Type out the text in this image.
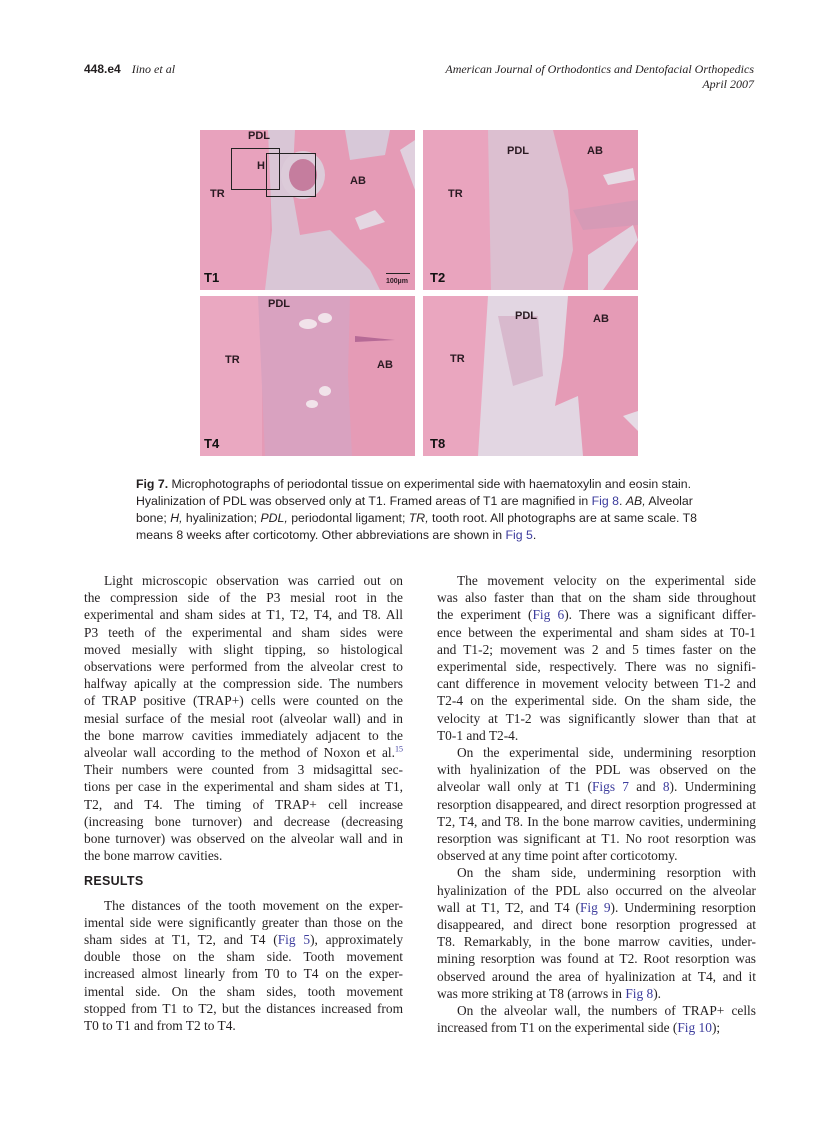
448.e4 Iino et al	American Journal of Orthodontics and Dentofacial Orthopedics
April 2007
PDL
H
TR
AB
T1	100µm
PDL	AB
TR
T2
PDL
TR	AB
T4
PDL	AB
TR
T8
Fig 7. Microphotographs of periodontal tissue on experimental side with haematoxylin and eosin stain. Hyalinization of PDL was observed only at T1. Framed areas of T1 are magnified in Fig 8. AB, Alveolar bone; H, hyalinization; PDL, periodontal ligament; TR, tooth root. All photographs are at same scale. T8 means 8 weeks after corticotomy. Other abbreviations are shown in Fig 5.
Light microscopic observation was carried out on
the compression side of the P3 mesial root in the
experimental and sham sides at T1, T2, T4, and T8. All
P3 teeth of the experimental and sham sides were
moved mesially with slight tipping, so histological
observations were performed from the alveolar crest to
halfway apically at the compression side. The numbers
of TRAP positive (TRAP+) cells were counted on the
mesial surface of the mesial root (alveolar wall) and in
the bone marrow cavities immediately adjacent to the
alveolar wall according to the method of Noxon et al.$^{15}$
Their numbers were counted from 3 midsagittal sec-
tions per case in the experimental and sham sides at T1,
T2, and T4. The timing of TRAP+ cell increase
(increasing bone turnover) and decrease (decreasing
bone turnover) was observed on the alveolar wall and in
the bone marrow cavities.
RESULTS
The distances of the tooth movement on the exper-
imental side were significantly greater than those on the
sham sides at T1, T2, and T4 (Fig 5), approximately
double those on the sham side. Tooth movement
increased almost linearly from T0 to T4 on the exper-
imental side. On the sham sides, tooth movement
stopped from T1 to T2, but the distances increased from
T0 to T1 and from T2 to T4.
The movement velocity on the experimental side
was also faster than that on the sham side throughout
the experiment (Fig 6). There was a significant differ-
ence between the experimental and sham sides at T0-1
and T1-2; movement was 2 and 5 times faster on the
experimental side, respectively. There was no signifi-
cant difference in movement velocity between T1-2 and
T2-4 on the experimental side. On the sham side, the
velocity at T1-2 was significantly slower than that at
T0-1 and T2-4.
On the experimental side, undermining resorption
with hyalinization of the PDL was observed on the
alveolar wall only at T1 (Figs 7 and 8). Undermining
resorption disappeared, and direct resorption progressed at
T2, T4, and T8. In the bone marrow cavities, undermining
resorption was significant at T1. No root resorption was
observed at any time point after corticotomy.
On the sham side, undermining resorption with
hyalinization of the PDL also occurred on the alveolar
wall at T1, T2, and T4 (Fig 9). Undermining resorption
disappeared, and direct bone resorption progressed at
T8. Remarkably, in the bone marrow cavities, under-
mining resorption was found at T2. Root resorption was
observed around the area of hyalinization at T4, and it
was more striking at T8 (arrows in Fig 8).
On the alveolar wall, the numbers of TRAP+ cells
increased from T1 on the experimental side (Fig 10);
